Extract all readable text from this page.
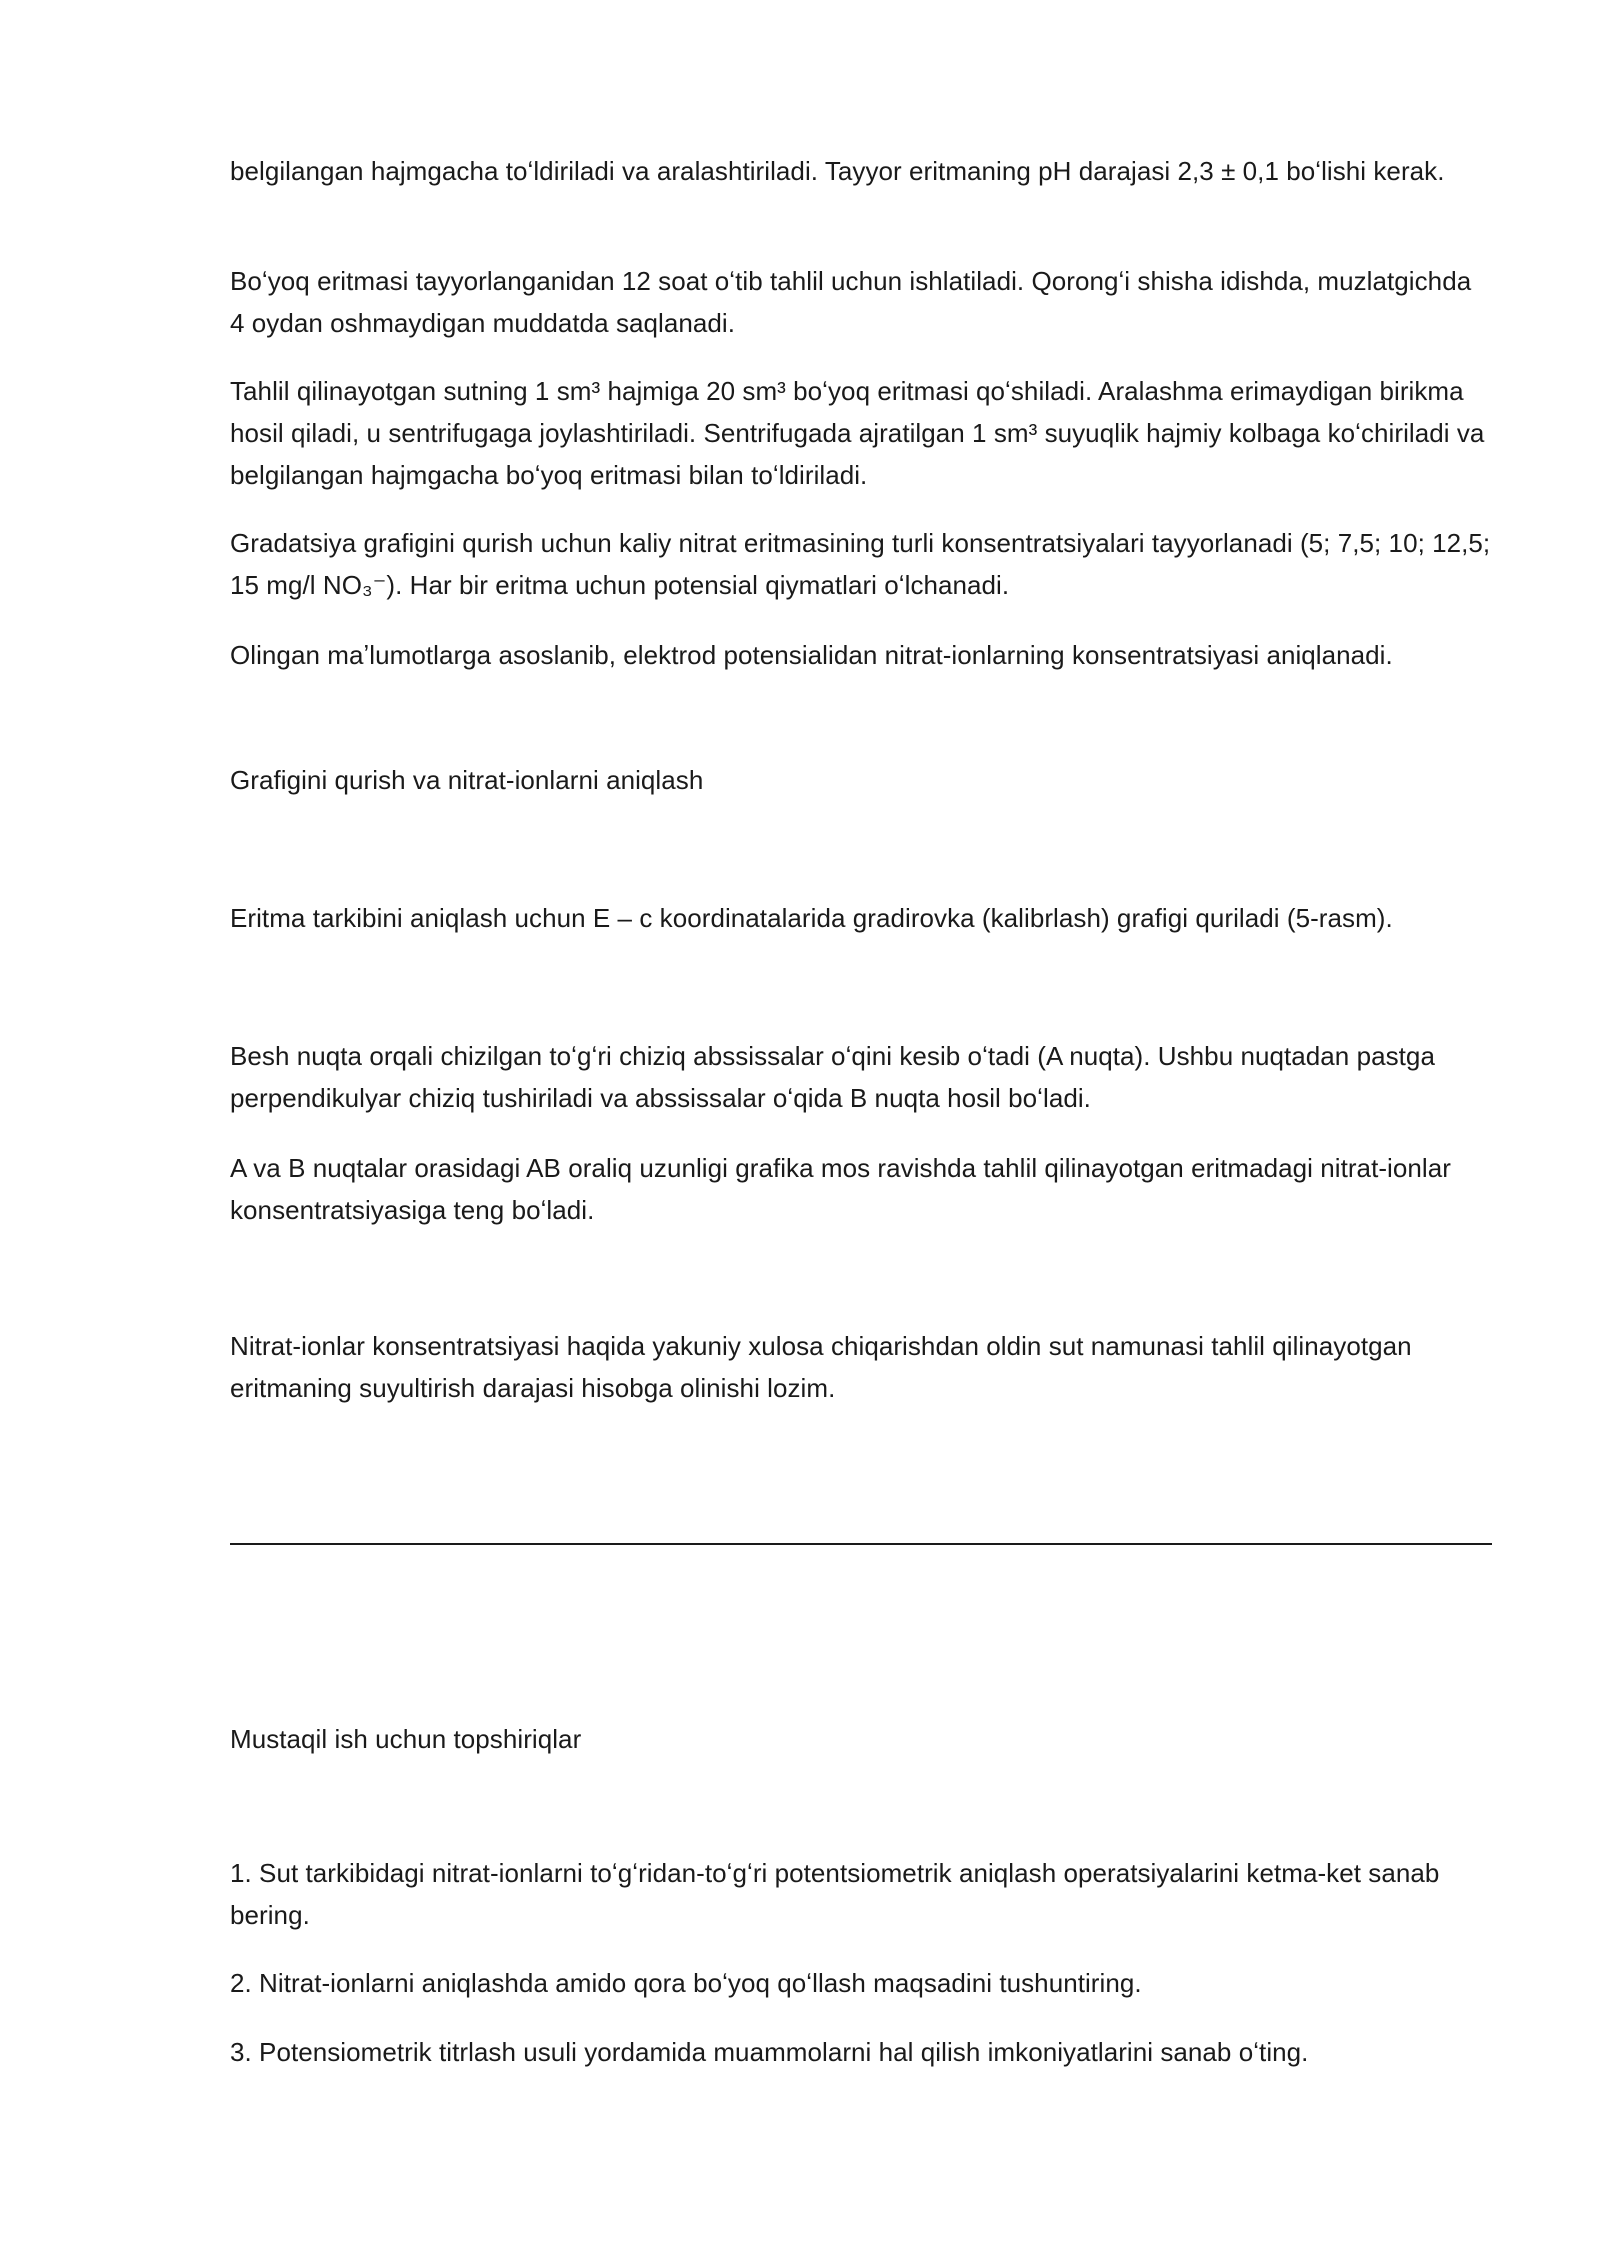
belgilangan hajmgacha toʻldiriladi va aralashtiriladi. Tayyor eritmaning pH darajasi 2,3 ± 0,1 boʻlishi kerak.

Boʻyoq eritmasi tayyorlanganidan 12 soat oʻtib tahlil uchun ishlatiladi. Qorongʻi shisha idishda, muzlatgichda 4 oydan oshmaydigan muddatda saqlanadi.

Tahlil qilinayotgan sutning 1 sm³ hajmiga 20 sm³ boʻyoq eritmasi qoʻshiladi. Aralashma erimaydigan birikma hosil qiladi, u sentrifugaga joylashtiriladi. Sentrifugada ajratilgan 1 sm³ suyuqlik hajmiy kolbaga koʻchiriladi va belgilangan hajmgacha boʻyoq eritmasi bilan toʻldiriladi.

Gradatsiya grafigini qurish uchun kaliy nitrat eritmasining turli konsentratsiyalari tayyorlanadi (5; 7,5; 10; 12,5; 15 mg/l NO₃⁻). Har bir eritma uchun potensial qiymatlari oʻlchanadi.

Olingan maʼlumotlarga asoslanib, elektrod potensialidan nitrat-ionlarning konsentratsiyasi aniqlanadi.

Grafigini qurish va nitrat-ionlarni aniqlash

Eritma tarkibini aniqlash uchun E – c koordinatalarida gradirovka (kalibrlash) grafigi quriladi (5-rasm).

Besh nuqta orqali chizilgan toʻgʻri chiziq abssissalar oʻqini kesib oʻtadi (A nuqta). Ushbu nuqtadan pastga perpendikulyar chiziq tushiriladi va abssissalar oʻqida B nuqta hosil boʻladi.

A va B nuqtalar orasidagi AB oraliq uzunligi grafika mos ravishda tahlil qilinayotgan eritmadagi nitrat-ionlar konsentratsiyasiga teng boʻladi.

Nitrat-ionlar konsentratsiyasi haqida yakuniy xulosa chiqarishdan oldin sut namunasi tahlil qilinayotgan eritmaning suyultirish darajasi hisobga olinishi lozim.

Mustaqil ish uchun topshiriqlar

1. Sut tarkibidagi nitrat-ionlarni toʻgʻridan-toʻgʻri potentsiometrik aniqlash operatsiyalarini ketma-ket sanab bering.

2. Nitrat-ionlarni aniqlashda amido qora boʻyoq qoʻllash maqsadini tushuntiring.

3. Potensiometrik titrlash usuli yordamida muammolarni hal qilish imkoniyatlarini sanab oʻting.
